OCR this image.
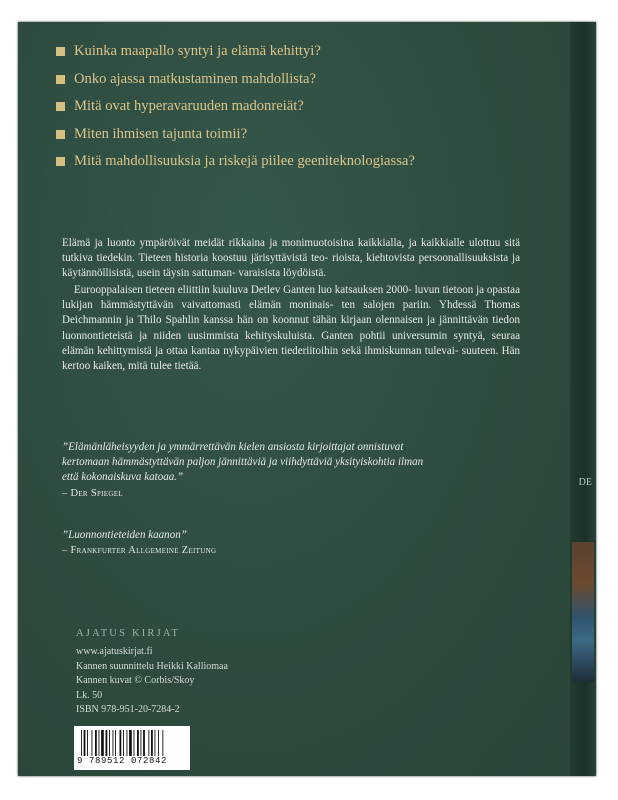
DE
Kuinka maapallo syntyi ja elämä kehittyi?
Onko ajassa matkustaminen mahdollista?
Mitä ovat hyperavaruuden madonreiät?
Miten ihmisen tajunta toimii?
Mitä mahdollisuuksia ja riskejä piilee geeniteknologiassa?

Elämä ja luonto ympäröivät meidät rikkaina ja monimuotoisina kaikkialla, ja kaikkialle ulottuu sitä tutkiva tiedekin. Tieteen historia koostuu järisyttävistä teo- rioista, kiehtovista persoonallisuuksista ja käytännöllisistä, usein täysin sattuman- varaisista löydöistä.

Eurooppalaisen tieteen eliittiin kuuluva Detlev Ganten luo katsauksen 2000- luvun tietoon ja opastaa lukijan hämmästyttävän vaivattomasti elämän moninais- ten salojen pariin. Yhdessä Thomas Deichmannin ja Thilo Spahlin kanssa hän on koonnut tähän kirjaan olennaisen ja jännittävän tiedon luonnontieteistä ja niiden uusimmista kehityskuluista. Ganten pohtii universumin syntyä, seuraa elämän kehittymistä ja ottaa kantaa nykypäivien tiederiitoihin sekä ihmiskunnan tulevai- suuteen. Hän kertoo kaiken, mitä tulee tietää.

”Elämänläheisyyden ja ymmärrettävän kielen ansiosta kirjoittajat onnistuvat
kertomaan hämmästyttävän paljon jännittäviä ja viihdyttäviä yksityiskohtia ilman
että kokonaiskuva katoaa.”
– Der Spiegel
”Luonnontieteiden kaanon”
– Frankfurter Allgemeine Zeitung
AJATUS KIRJAT
www.ajatuskirjat.fi
Kannen suunnittelu Heikki Kalliomaa
Kannen kuvat © Corbis/Skoy
Lk. 50
ISBN 978-951-20-7284-2
9 789512 072842
